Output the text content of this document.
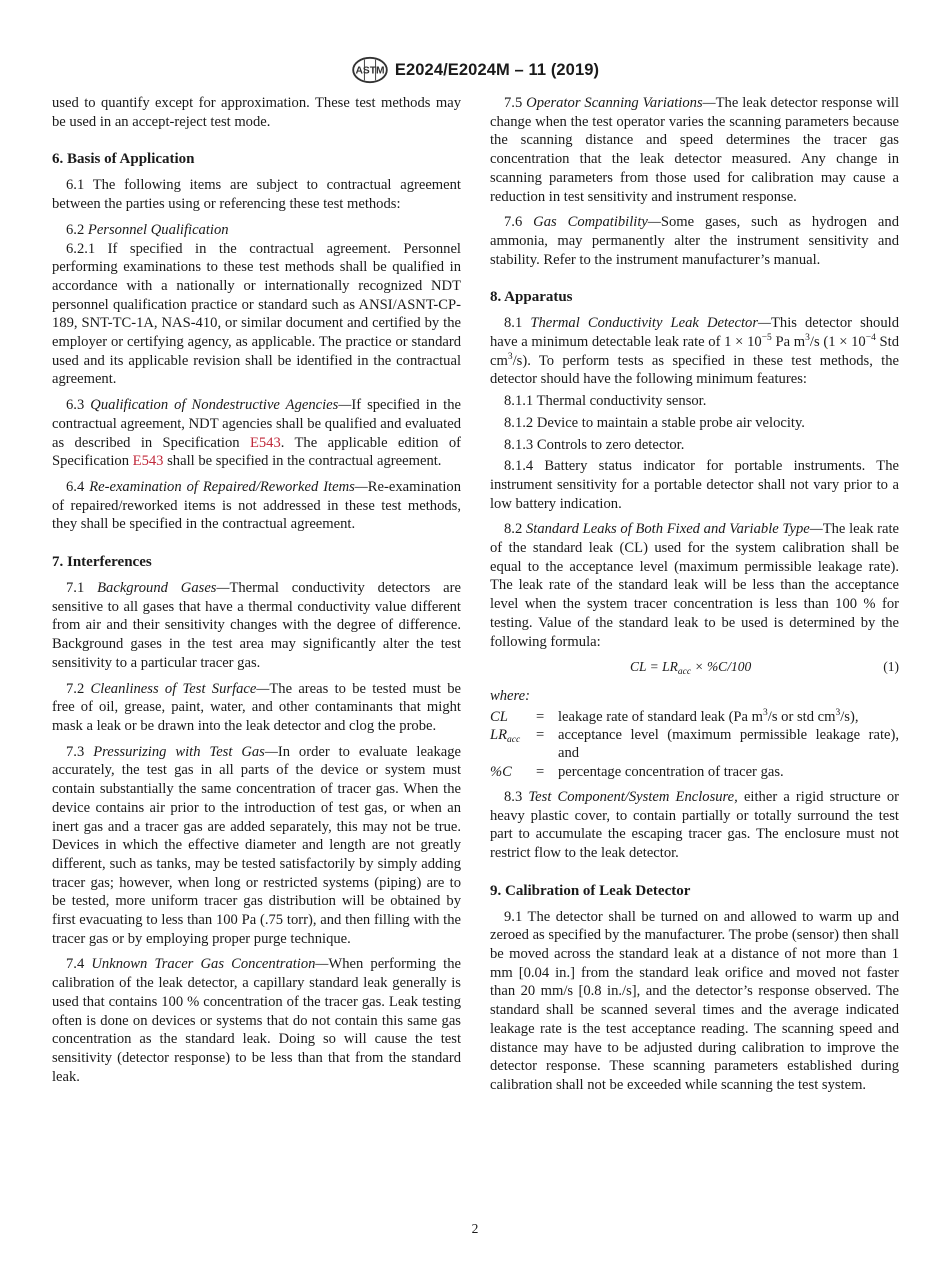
ASTM E2024/E2024M – 11 (2019)

used to quantify except for approximation. These test methods may be used in an accept-reject test mode.

6. Basis of Application

6.1 The following items are subject to contractual agreement between the parties using or referencing these test methods:

6.2 Personnel Qualification

6.2.1 If specified in the contractual agreement. Personnel performing examinations to these test methods shall be qualified in accordance with a nationally or internationally recognized NDT personnel qualification practice or standard such as ANSI/ASNT-CP-189, SNT-TC-1A, NAS-410, or similar document and certified by the employer or certifying agency, as applicable. The practice or standard used and its applicable revision shall be identified in the contractual agreement.

6.3 Qualification of Nondestructive Agencies—If specified in the contractual agreement, NDT agencies shall be qualified and evaluated as described in Specification E543. The applicable edition of Specification E543 shall be specified in the contractual agreement.

6.4 Re-examination of Repaired/Reworked Items—Re-examination of repaired/reworked items is not addressed in these test methods, they shall be specified in the contractual agreement.

7. Interferences

7.1 Background Gases—Thermal conductivity detectors are sensitive to all gases that have a thermal conductivity value different from air and their sensitivity changes with the degree of difference. Background gases in the test area may significantly alter the test sensitivity to a particular tracer gas.

7.2 Cleanliness of Test Surface—The areas to be tested must be free of oil, grease, paint, water, and other contaminants that might mask a leak or be drawn into the leak detector and clog the probe.

7.3 Pressurizing with Test Gas—In order to evaluate leakage accurately, the test gas in all parts of the device or system must contain substantially the same concentration of tracer gas. When the device contains air prior to the introduction of test gas, or when an inert gas and a tracer gas are added separately, this may not be true. Devices in which the effective diameter and length are not greatly different, such as tanks, may be tested satisfactorily by simply adding tracer gas; however, when long or restricted systems (piping) are to be tested, more uniform tracer gas distribution will be obtained by first evacuating to less than 100 Pa (.75 torr), and then filling with the tracer gas or by employing proper purge technique.

7.4 Unknown Tracer Gas Concentration—When performing the calibration of the leak detector, a capillary standard leak generally is used that contains 100 % concentration of the tracer gas. Leak testing often is done on devices or systems that do not contain this same gas concentration as the standard leak. Doing so will cause the test sensitivity (detector response) to be less than that from the standard leak.

7.5 Operator Scanning Variations—The leak detector response will change when the test operator varies the scanning parameters because the scanning distance and speed determines the tracer gas concentration that the leak detector measured. Any change in scanning parameters from those used for calibration may cause a reduction in test sensitivity and instrument response.

7.6 Gas Compatibility—Some gases, such as hydrogen and ammonia, may permanently alter the instrument sensitivity and stability. Refer to the instrument manufacturer’s manual.

8. Apparatus

8.1 Thermal Conductivity Leak Detector—This detector should have a minimum detectable leak rate of $1 \times 10^{-5}$ Pa $m^3/s$ ($1 \times 10^{-4}$ Std $cm^3/s$). To perform tests as specified in these test methods, the detector should have the following minimum features:

8.1.1 Thermal conductivity sensor.

8.1.2 Device to maintain a stable probe air velocity.

8.1.3 Controls to zero detector.

8.1.4 Battery status indicator for portable instruments. The instrument sensitivity for a portable detector shall not vary prior to a low battery indication.

8.2 Standard Leaks of Both Fixed and Variable Type—The leak rate of the standard leak (CL) used for the system calibration shall be equal to the acceptance level (maximum permissible leakage rate). The leak rate of the standard leak will be less than the acceptance level when the system tracer concentration is less than 100 % for testing. Value of the standard leak to be used is determined by the following formula:

CL = $LR_{acc} \times \%C/100$	(1)

where:

CL	=	leakage rate of standard leak (Pa $m^3/s$ or std $cm^3/s$),
$LR_{acc}$	=	acceptance level (maximum permissible leakage rate), and
%C	=	percentage concentration of tracer gas.

8.3 Test Component/System Enclosure, either a rigid structure or heavy plastic cover, to contain partially or totally surround the test part to accumulate the escaping tracer gas. The enclosure must not restrict flow to the leak detector.

9. Calibration of Leak Detector

9.1 The detector shall be turned on and allowed to warm up and zeroed as specified by the manufacturer. The probe (sensor) then shall be moved across the standard leak at a distance of not more than 1 mm [0.04 in.] from the standard leak orifice and moved not faster than 20 mm/s [0.8 in./s], and the detector’s response observed. The standard shall be scanned several times and the average indicated leakage rate is the test acceptance reading. The scanning speed and distance may have to be adjusted during calibration to improve the detector response. These scanning parameters established during calibration shall not be exceeded while scanning the test system.

2
